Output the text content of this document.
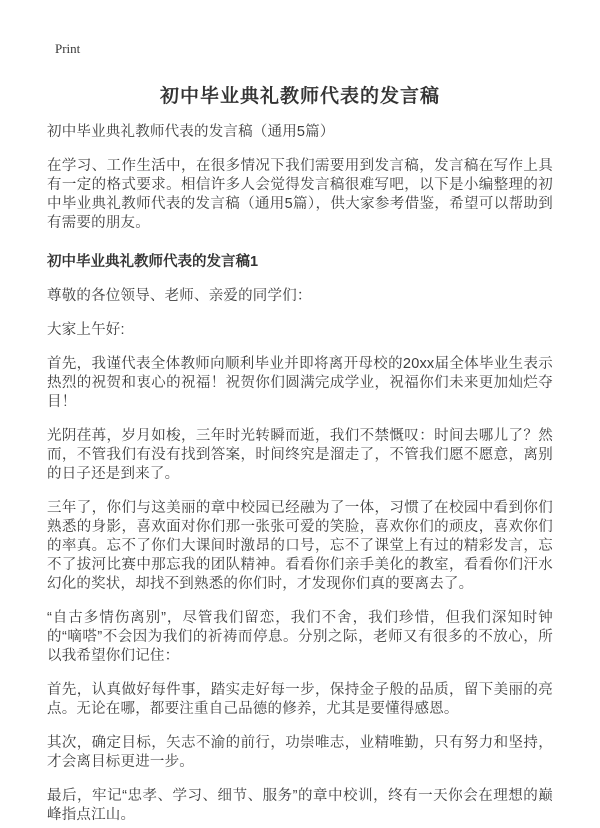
Print
初中毕业典礼教师代表的发言稿

初中毕业典礼教师代表的发言稿（通用5篇）

在学习、工作生活中，在很多情况下我们需要用到发言稿，发言稿在写作上具有一定的格式要求。相信许多人会觉得发言稿很难写吧，以下是小编整理的初中毕业典礼教师代表的发言稿（通用5篇），供大家参考借鉴，希望可以帮助到有需要的朋友。

初中毕业典礼教师代表的发言稿1

尊敬的各位领导、老师、亲爱的同学们：

大家上午好:

首先，我谨代表全体教师向顺利毕业并即将离开母校的20xx届全体毕业生表示热烈的祝贺和衷心的祝福！祝贺你们圆满完成学业，祝福你们未来更加灿烂夺目！

光阴荏苒，岁月如梭，三年时光转瞬而逝，我们不禁慨叹：时间去哪儿了？然而，不管我们有没有找到答案，时间终究是溜走了，不管我们愿不愿意，离别的日子还是到来了。

三年了，你们与这美丽的章中校园已经融为了一体，习惯了在校园中看到你们熟悉的身影，喜欢面对你们那一张张可爱的笑脸，喜欢你们的顽皮，喜欢你们的率真。忘不了你们大课间时激昂的口号，忘不了课堂上有过的精彩发言，忘不了拔河比赛中那忘我的团队精神。看看你们亲手美化的教室，看看你们汗水幻化的奖状，却找不到熟悉的你们时，才发现你们真的要离去了。

“自古多情伤离别”，尽管我们留恋，我们不舍，我们珍惜，但我们深知时钟的“嘀嗒”不会因为我们的祈祷而停息。分别之际，老师又有很多的不放心，所以我希望你们记住：

首先，认真做好每件事，踏实走好每一步，保持金子般的品质，留下美丽的亮点。无论在哪，都要注重自己品德的修养，尤其是要懂得感恩。

其次，确定目标，矢志不渝的前行，功崇唯志，业精唯勤，只有努力和坚持，才会离目标更进一步。

最后，牢记“忠孝、学习、细节、服务”的章中校训，终有一天你会在理想的巅峰指点江山。
